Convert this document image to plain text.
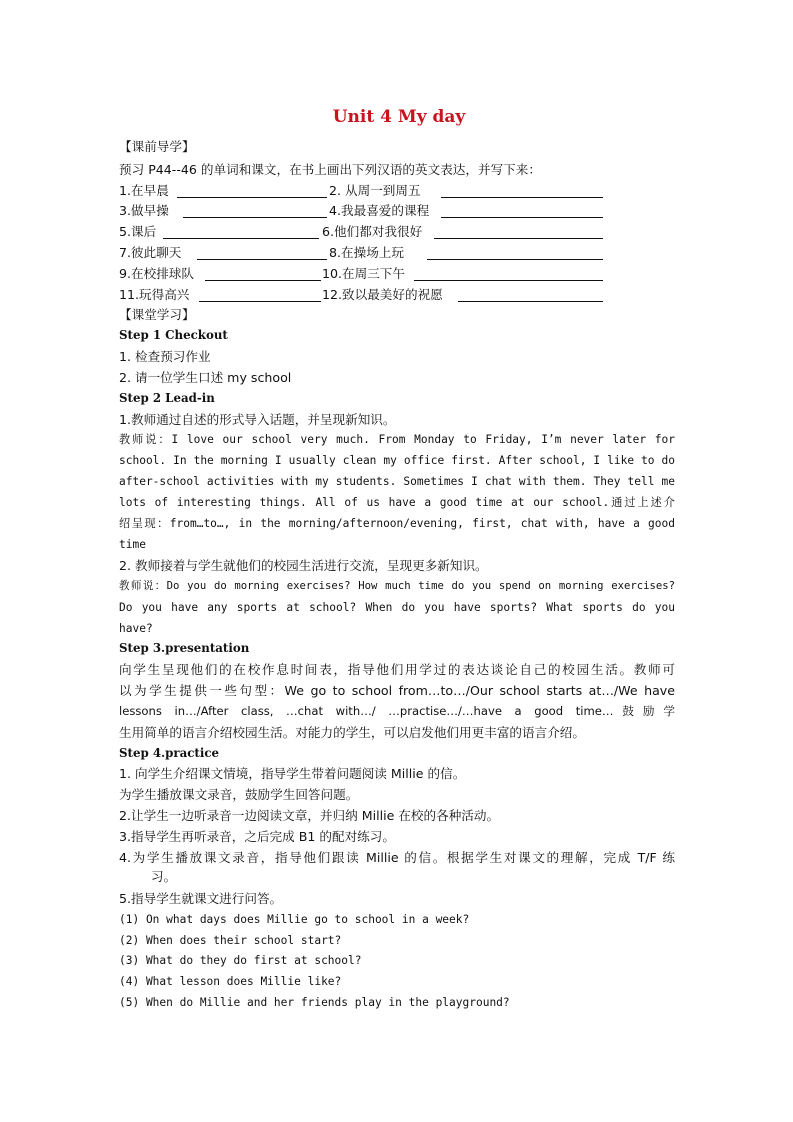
Unit 4 My day
【课前导学】
预习 P44--46 的单词和课文，在书上画出下列汉语的英文表达，并写下来：
1.在早晨	2. 从周一到周五
3.做早操	4.我最喜爱的课程
5.课后	6.他们都对我很好
7.彼此聊天	8.在操场上玩
9.在校排球队	10.在周三下午
11.玩得高兴	12.致以最美好的祝愿
【课堂学习】
Step 1 Checkout
1. 检查预习作业
2. 请一位学生口述 my school
Step 2 Lead-in
1.教师通过自述的形式导入话题，并呈现新知识。
教师说：I love our school very much. From Monday to Friday, I’m never later for
school. In the morning I usually clean my office first. After school, I like to do
after-school activities with my students. Sometimes I chat with them. They tell me
lots of interesting things. All of us have a good time at our school.通过上述介
绍呈现：from…to…, in the morning/afternoon/evening, first, chat with, have a good
time
2. 教师接着与学生就他们的校园生活进行交流，呈现更多新知识。
教师说：Do you do morning exercises? How much time do you spend on morning exercises?
Do you have any sports at school? When do you have sports? What sports do you
have?
Step 3.presentation
向学生呈现他们的在校作息时间表，指导他们用学过的表达谈论自己的校园生活。教师可
以为学生提供一些句型：We go to school from…to…/Our school starts at…/We have
lessons in…/After class, …chat with…/ …practise…/…have a good time…鼓励学
生用简单的语言介绍校园生活。对能力的学生，可以启发他们用更丰富的语言介绍。
Step 4.practice
1. 向学生介绍课文情境，指导学生带着问题阅读 Millie 的信。
为学生播放课文录音，鼓励学生回答问题。
2.让学生一边听录音一边阅读文章，并归纳 Millie 在校的各种活动。
3.指导学生再听录音，之后完成 B1 的配对练习。
4.为学生播放课文录音，指导他们跟读 Millie 的信。根据学生对课文的理解，完成 T/F 练
习。
5.指导学生就课文进行问答。
(1) On what days does Millie go to school in a week?
(2) When does their school start?
(3) What do they do first at school?
(4) What lesson does Millie like?
(5) When do Millie and her friends play in the playground?
